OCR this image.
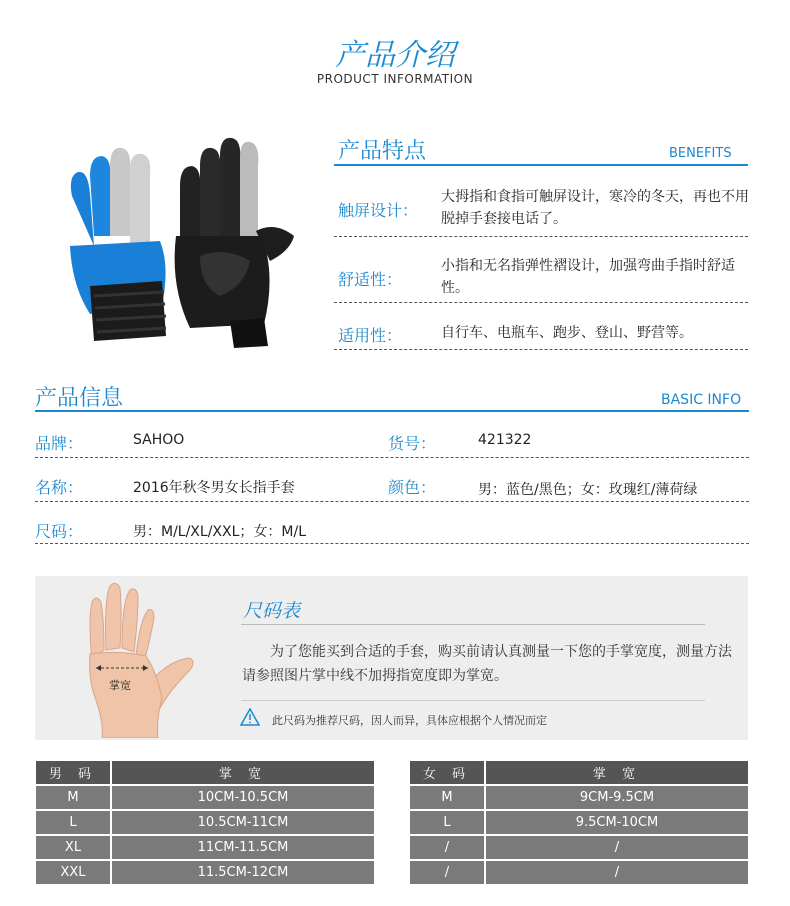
产品介绍
PRODUCT INFORMATION
产品特点	BENEFITS
触屏设计：
大拇指和食指可触屏设计，寒冷的冬天，再也不用脱掉手套接电话了。
舒适性：
小指和无名指弹性褶设计，加强弯曲手指时舒适性。
适用性：	自行车、电瓶车、跑步、登山、野营等。
产品信息	BASIC INFO
品牌：	SAHOO	货号：	421322
名称：	2016年秋冬男女长指手套	颜色：	男：蓝色/黑色；女：玫瑰红/薄荷绿
尺码：	男：M/L/XL/XXL；女：M/L
掌宽
尺码表
为了您能买到合适的手套，购买前请认真测量一下您的手掌宽度，测量方法请参照图片掌中线不加拇指宽度即为掌宽。
此尺码为推荐尺码，因人而异，具体应根据个人情况而定
男 码	掌 宽
M	10CM-10.5CM
L	10.5CM-11CM
XL	11CM-11.5CM
XXL	11.5CM-12CM
女 码	掌 宽
M	9CM-9.5CM
L	9.5CM-10CM
/	/
/	/
